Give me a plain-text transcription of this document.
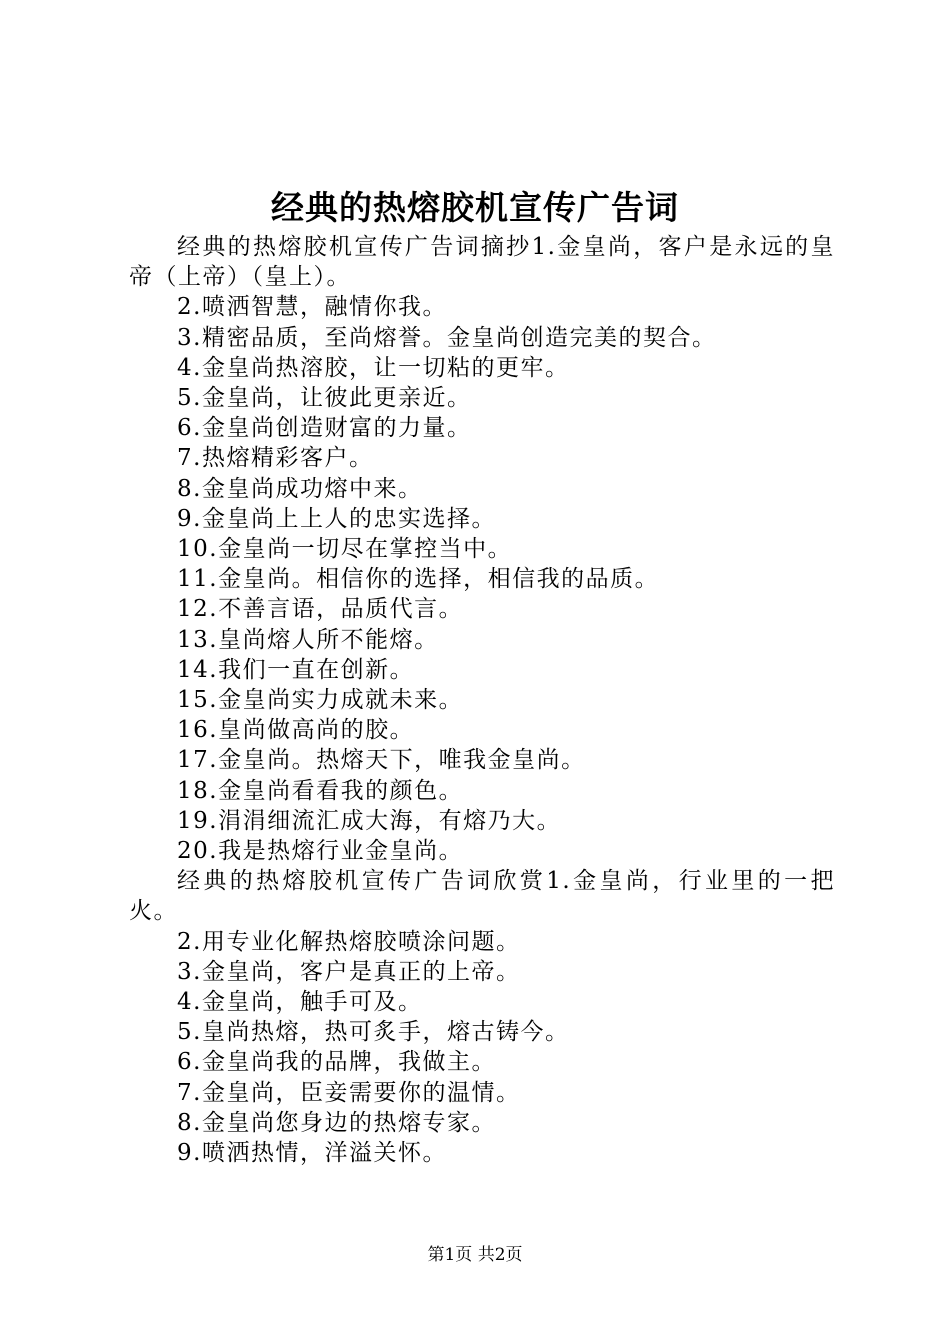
经典的热熔胶机宣传广告词

经典的热熔胶机宣传广告词摘抄1.金皇尚，客户是永远的皇帝（上帝）（皇上）。

2.喷洒智慧，融情你我。

3.精密品质，至尚熔誉。金皇尚创造完美的契合。

4.金皇尚热溶胶，让一切粘的更牢。

5.金皇尚，让彼此更亲近。

6.金皇尚创造财富的力量。

7.热熔精彩客户。

8.金皇尚成功熔中来。

9.金皇尚上上人的忠实选择。

10.金皇尚一切尽在掌控当中。

11.金皇尚。相信你的选择，相信我的品质。

12.不善言语，品质代言。

13.皇尚熔人所不能熔。

14.我们一直在创新。

15.金皇尚实力成就未来。

16.皇尚做高尚的胶。

17.金皇尚。热熔天下，唯我金皇尚。

18.金皇尚看看我的颜色。

19.涓涓细流汇成大海，有熔乃大。

20.我是热熔行业金皇尚。

经典的热熔胶机宣传广告词欣赏1.金皇尚，行业里的一把火。

2.用专业化解热熔胶喷涂问题。

3.金皇尚，客户是真正的上帝。

4.金皇尚，触手可及。

5.皇尚热熔，热可炙手，熔古铸今。

6.金皇尚我的品牌，我做主。

7.金皇尚，臣妾需要你的温情。

8.金皇尚您身边的热熔专家。

9.喷洒热情，洋溢关怀。

第1页 共2页
